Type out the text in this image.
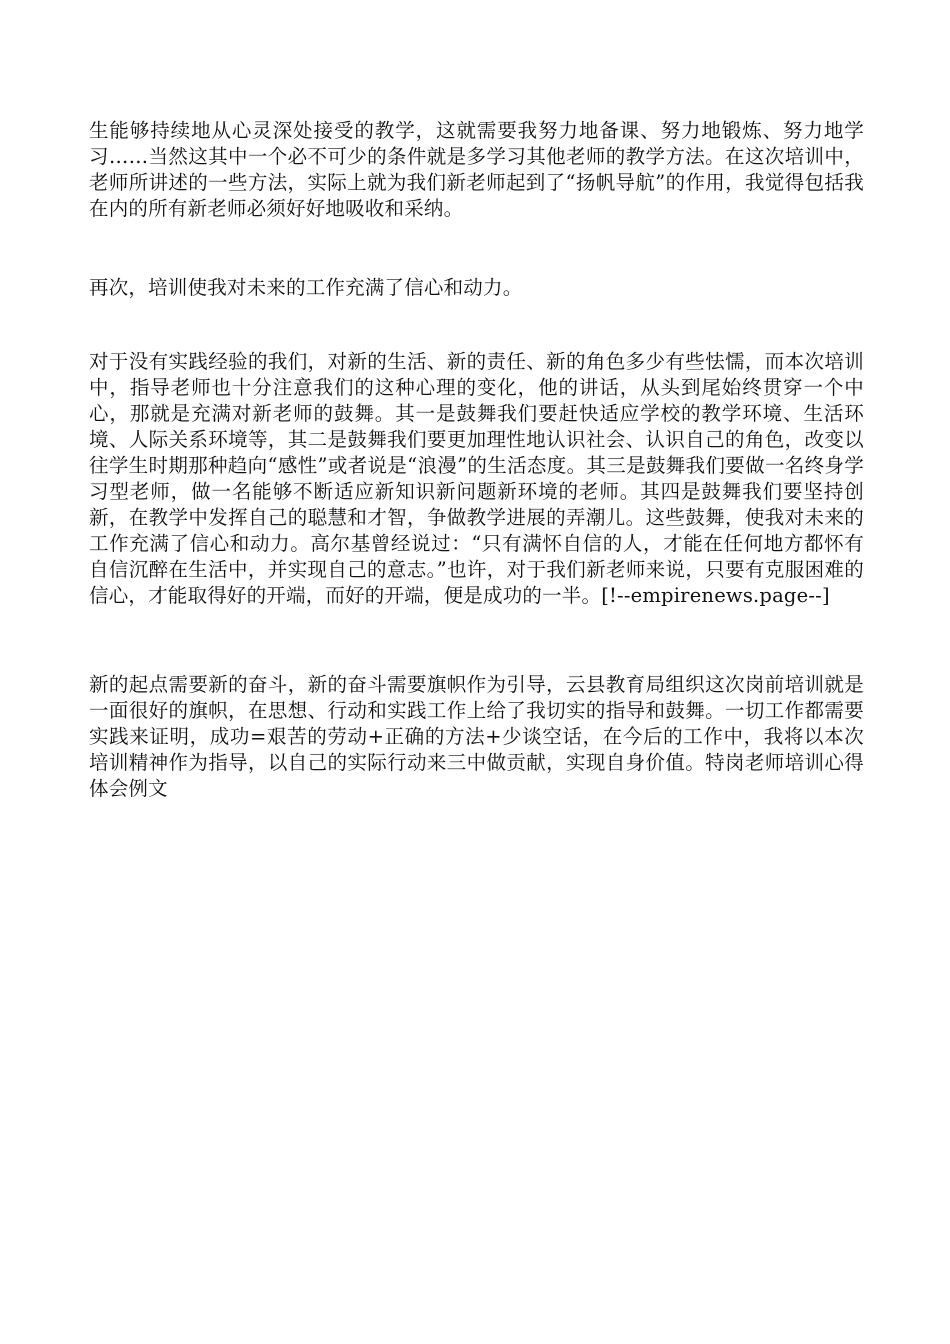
生能够持续地从心灵深处接受的教学，这就需要我努力地备课、努力地锻炼、努力地学习……当然这其中一个必不可少的条件就是多学习其他老师的教学方法。在这次培训中，老师所讲述的一些方法，实际上就为我们新老师起到了“扬帆导航”的作用，我觉得包括我在内的所有新老师必须好好地吸收和采纳。

再次，培训使我对未来的工作充满了信心和动力。

对于没有实践经验的我们，对新的生活、新的责任、新的角色多少有些怯懦，而本次培训中，指导老师也十分注意我们的这种心理的变化，他的讲话，从头到尾始终贯穿一个中心，那就是充满对新老师的鼓舞。其一是鼓舞我们要赶快适应学校的教学环境、生活环境、人际关系环境等，其二是鼓舞我们要更加理性地认识社会、认识自己的角色，改变以往学生时期那种趋向“感性”或者说是“浪漫”的生活态度。其三是鼓舞我们要做一名终身学习型老师，做一名能够不断适应新知识新问题新环境的老师。其四是鼓舞我们要坚持创新，在教学中发挥自己的聪慧和才智，争做教学进展的弄潮儿。这些鼓舞，使我对未来的工作充满了信心和动力。高尔基曾经说过：“只有满怀自信的人，才能在任何地方都怀有自信沉醉在生活中，并实现自己的意志。”也许，对于我们新老师来说，只要有克服困难的信心，才能取得好的开端，而好的开端，便是成功的一半。[!--empirenews.page--]

新的起点需要新的奋斗，新的奋斗需要旗帜作为引导，云县教育局组织这次岗前培训就是一面很好的旗帜，在思想、行动和实践工作上给了我切实的指导和鼓舞。一切工作都需要实践来证明，成功=艰苦的劳动+正确的方法+少谈空话，在今后的工作中，我将以本次培训精神作为指导，以自己的实际行动来三中做贡献，实现自身价值。特岗老师培训心得体会例文
